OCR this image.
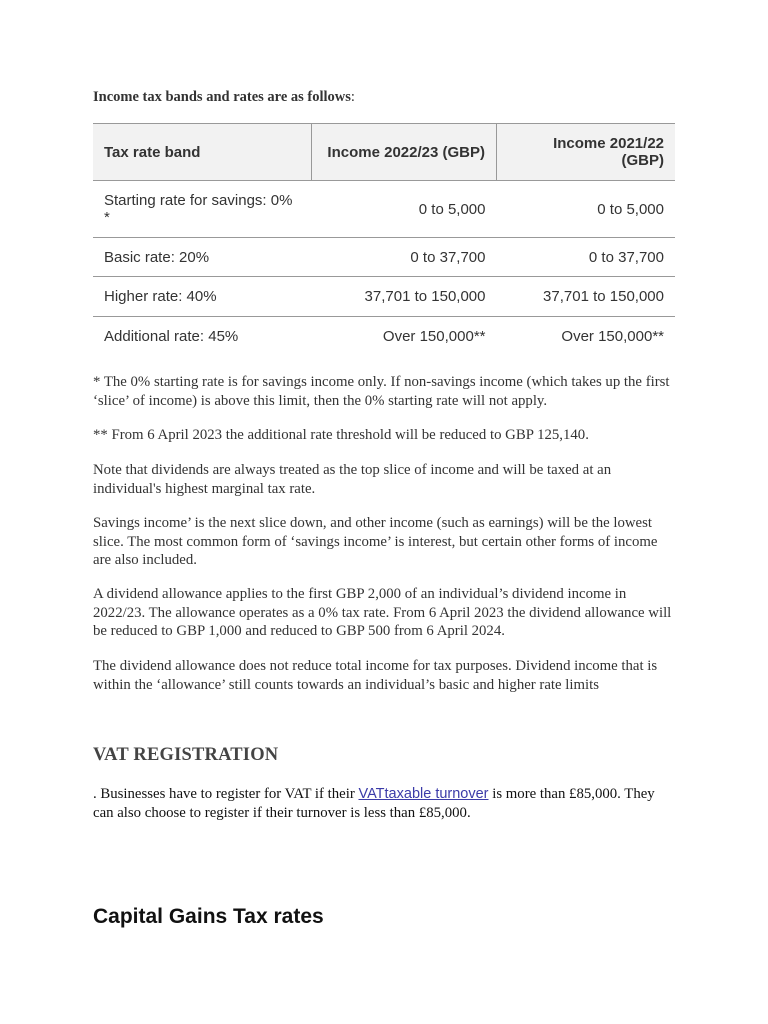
Income tax bands and rates are as follows:
Tax rate band	Income 2022/23 (GBP)	Income 2021/22 (GBP)
Starting rate for savings: 0% *	0 to 5,000	0 to 5,000
Basic rate: 20%	0 to 37,700	0 to 37,700
Higher rate: 40%	37,701 to 150,000	37,701 to 150,000
Additional rate: 45%	Over 150,000**	Over 150,000**

* The 0% starting rate is for savings income only. If non-savings income (which takes up the first ‘slice’ of income) is above this limit, then the 0% starting rate will not apply.

** From 6 April 2023 the additional rate threshold will be reduced to GBP 125,140.

Note that dividends are always treated as the top slice of income and will be taxed at an individual's highest marginal tax rate.

Savings income’ is the next slice down, and other income (such as earnings) will be the lowest slice. The most common form of ‘savings income’ is interest, but certain other forms of income are also included.

A dividend allowance applies to the first GBP 2,000 of an individual’s dividend income in 2022/23. The allowance operates as a 0% tax rate. From 6 April 2023 the dividend allowance will be reduced to GBP 1,000 and reduced to GBP 500 from 6 April 2024.

The dividend allowance does not reduce total income for tax purposes. Dividend income that is within the ‘allowance’ still counts towards an individual’s basic and higher rate limits

VAT REGISTRATION

. Businesses have to register for VAT if their VATtaxable turnover is more than £85,000. They can also choose to register if their turnover is less than £85,000.

Capital Gains Tax rates
